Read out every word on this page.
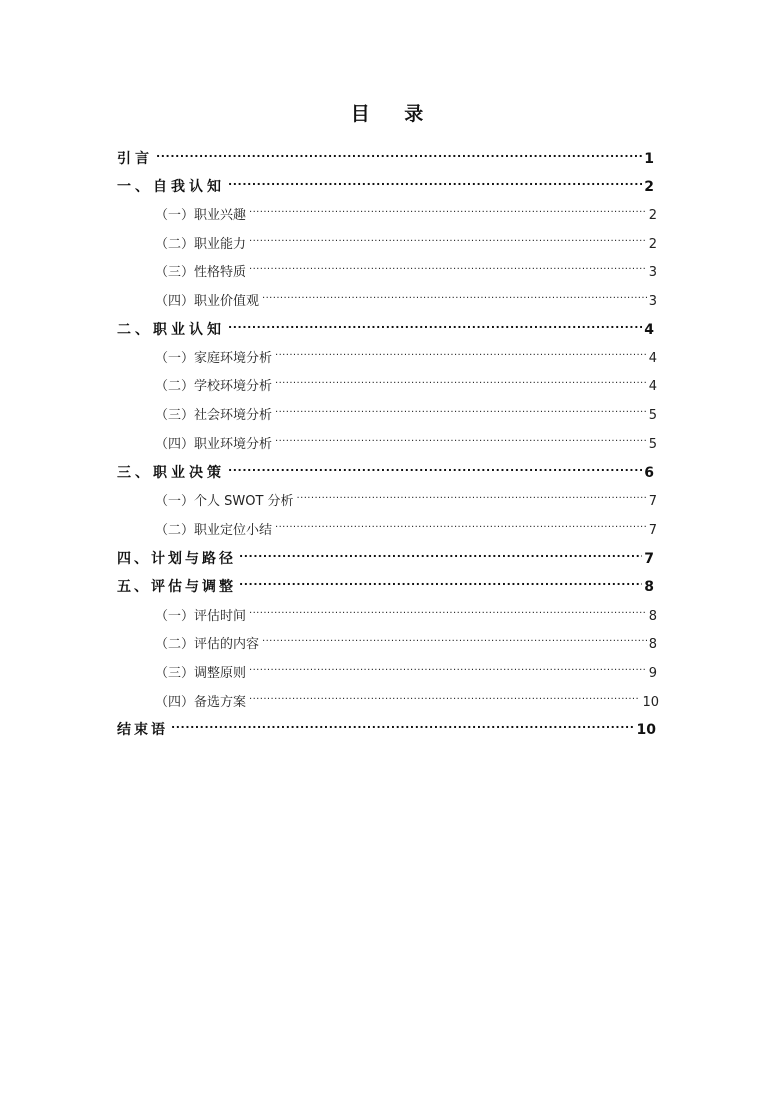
目 录
引言 .....	1
一、自我认知 .....	2
（一）职业兴趣 .....	2
（二）职业能力 .....	2
（三）性格特质 .....	3
（四）职业价值观 .....	3
二、职业认知 .....	4
（一）家庭环境分析 .....	4
（二）学校环境分析 .....	4
（三）社会环境分析 .....	5
（四）职业环境分析 .....	5
三、职业决策 .....	6
（一）个人 SWOT 分析 .....	7
（二）职业定位小结 .....	7
四、计划与路径 .....	7
五、评估与调整 .....	8
（一）评估时间 .....	8
（二）评估的内容 .....	8
（三）调整原则 .....	9
（四）备选方案 .....	10
结束语 .....	10
